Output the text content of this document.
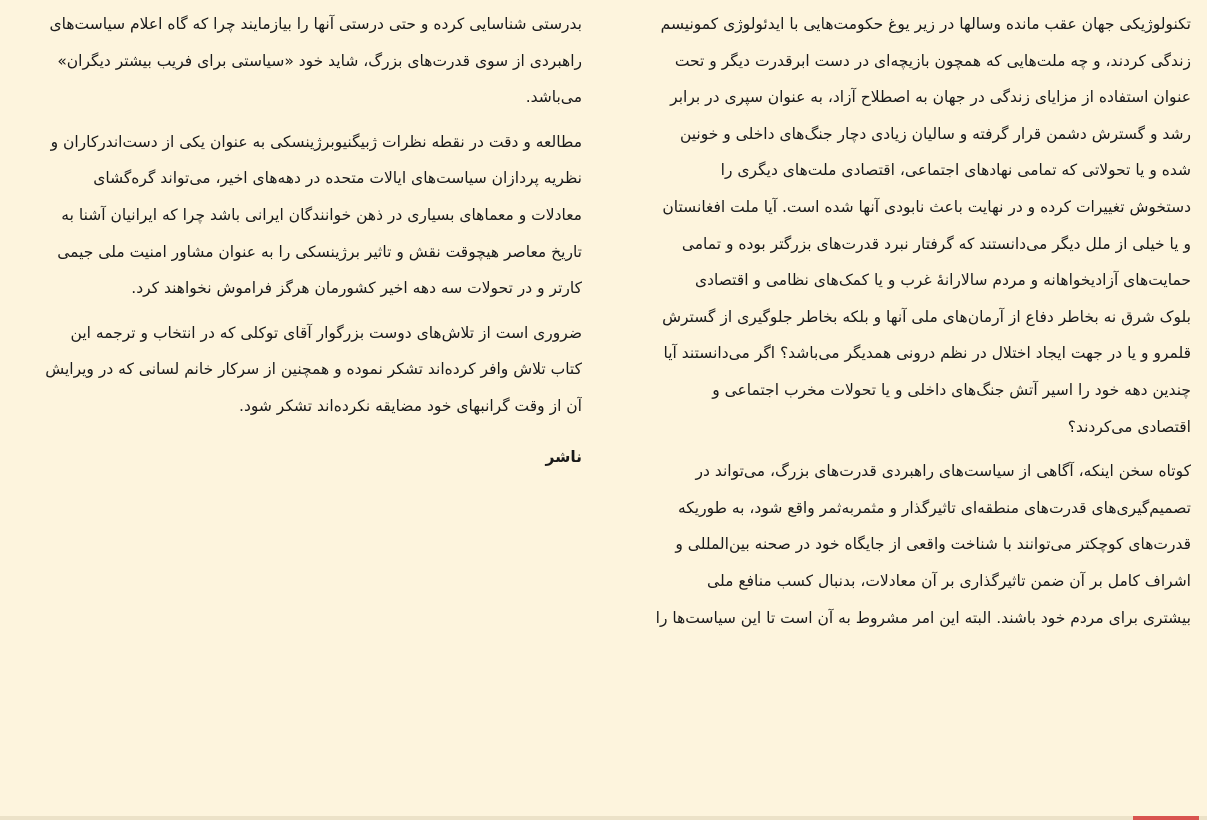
تکنولوژیکی جهان عقب مانده وسالها در زیر یوغ حکومت‌هایی با ایدئولوژی کمونیسم
زندگی کردند، و چه ملت‌هایی که همچون بازیچه‌ای در دست ابرقدرت دیگر و تحت
عنوان استفاده از مزایای زندگی در جهان به اصطلاح آزاد، به عنوان سپری در برابر
رشد و گسترش دشمن قرار گرفته و سالیان زیادی دچار جنگ‌های داخلی و خونین
شده و یا تحولاتی که تمامی نهادهای اجتماعی، اقتصادی ملت‌های دیگری را
دستخوش تغییرات کرده و در نهایت باعث نابودی آنها شده است. آیا ملت افغانستان
و یا خیلی از ملل دیگر می‌دانستند که گرفتار نبرد قدرت‌های بزرگتر بوده و تمامی
حمایت‌های آزادیخواهانه و مردم سالارانهٔ غرب و یا کمک‌های نظامی و اقتصادی
بلوک شرق نه بخاطر دفاع از آرمان‌های ملی آنها و بلکه بخاطر جلوگیری از گسترش
قلمرو و یا در جهت ایجاد اختلال در نظم درونی همدیگر می‌باشد؟ اگر می‌دانستند آیا
چندین دهه خود را اسیر آتش جنگ‌های داخلی و یا تحولات مخرب اجتماعی و
اقتصادی می‌کردند؟
کوتاه سخن اینکه، آگاهی از سیاست‌های راهبردی قدرت‌های بزرگ، می‌تواند در
تصمیم‌گیری‌های قدرت‌های منطقه‌ای تاثیرگذار و مثمربه‌ثمر واقع شود، به طوریکه
قدرت‌های کوچکتر می‌توانند با شناخت واقعی از جایگاه خود در صحنه بین‌المللی و
اشراف کامل بر آن ضمن تاثیرگذاری بر آن معادلات، بدنبال کسب منافع ملی
بیشتری برای مردم خود باشند. البته این امر مشروط به آن است تا این سیاست‌ها را
بدرستی شناسایی کرده و حتی درستی آنها را بیازمایند چرا که گاه اعلام سیاست‌های
راهبردی از سوی قدرت‌های بزرگ، شاید خود «سیاستی برای فریب بیشتر دیگران»
می‌باشد.
مطالعه و دقت در نقطه نظرات ژبیگنیوبرژینسکی به عنوان یکی از دست‌اندرکاران و
نظریه پردازان سیاست‌های ایالات متحده در دهه‌های اخیر، می‌تواند گره‌گشای
معادلات و معماهای بسیاری در ذهن خوانندگان ایرانی باشد چرا که ایرانیان آشنا به
تاریخ معاصر هیچوقت نقش و تاثیر برژینسکی را به عنوان مشاور امنیت ملی جیمی
کارتر و در تحولات سه دهه اخیر کشورمان هرگز فراموش نخواهند کرد.
ضروری است از تلاش‌های دوست بزرگوار آقای توکلی که در انتخاب و ترجمه این
کتاب تلاش وافر کرده‌اند تشکر نموده و همچنین از سرکار خانم لسانی که در ویرایش
آن از وقت گرانبهای خود مضایقه نکرده‌اند تشکر شود.
ناشر
